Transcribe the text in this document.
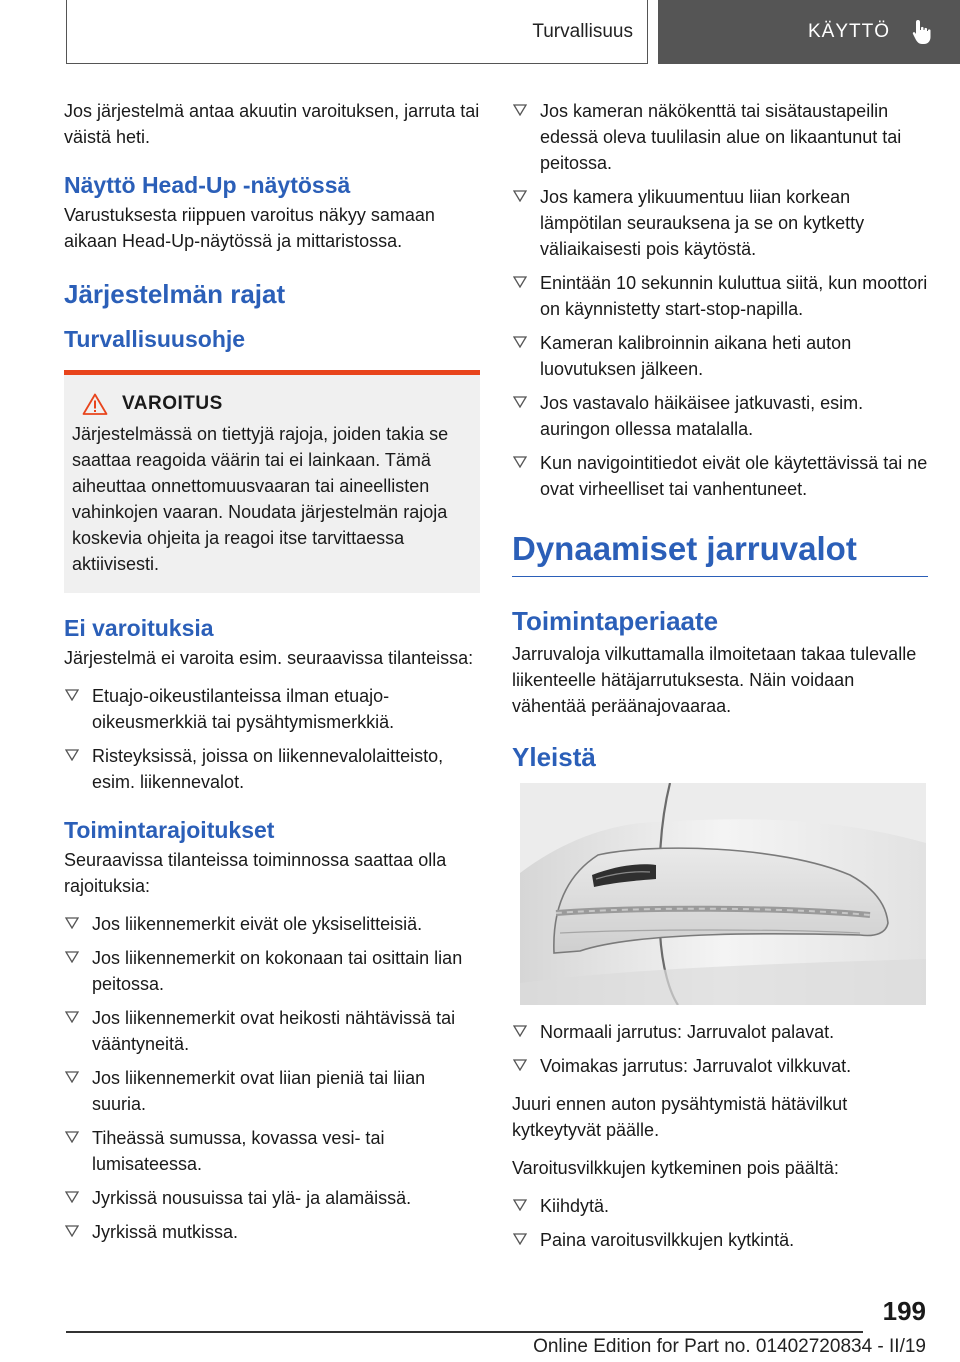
Turvallisuus	KÄYTTÖ

Jos järjestelmä antaa akuutin varoituksen, jarruta tai väistä heti.

Näyttö Head-Up -näytössä

Varustuksesta riippuen varoitus näkyy samaan aikaan Head-Up-näytössä ja mittaristossa.

Järjestelmän rajat
Turvallisuusohje
VAROITUS

Järjestelmässä on tiettyjä rajoja, joiden takia se saattaa reagoida väärin tai ei lainkaan. Tämä aiheuttaa onnettomuusvaaran tai aineellisten vahinkojen vaaran. Noudata järjestelmän rajoja koskevia ohjeita ja reagoi itse tarvittaessa aktiivisesti.

Ei varoituksia

Järjestelmä ei varoita esim. seuraavissa tilanteissa:

Etuajo-oikeustilanteissa ilman etuajo-oikeusmerkkiä tai pysähtymismerkkiä.
Risteyksissä, joissa on liikennevalolaitteisto, esim. liikennevalot.
Toimintarajoitukset

Seuraavissa tilanteissa toiminnossa saattaa olla rajoituksia:

Jos liikennemerkit eivät ole yksiselitteisiä.
Jos liikennemerkit on kokonaan tai osittain lian peitossa.
Jos liikennemerkit ovat heikosti nähtävissä tai vääntyneitä.
Jos liikennemerkit ovat liian pieniä tai liian suuria.
Tiheässä sumussa, kovassa vesi- tai lumisateessa.
Jyrkissä nousuissa tai ylä- ja alamäissä.
Jyrkissä mutkissa.
Jos kameran näkökenttä tai sisätaustapeilin edessä oleva tuulilasin alue on likaantunut tai peitossa.
Jos kamera ylikuumentuu liian korkean lämpötilan seurauksena ja se on kytketty väliaikaisesti pois käytöstä.
Enintään 10 sekunnin kuluttua siitä, kun moottori on käynnistetty start-stop-napilla.
Kameran kalibroinnin aikana heti auton luovutuksen jälkeen.
Jos vastavalo häikäisee jatkuvasti, esim. auringon ollessa matalalla.
Kun navigointitiedot eivät ole käytettävissä tai ne ovat virheelliset tai vanhentuneet.
Dynaamiset jarruvalot
Toimintaperiaate

Jarruvaloja vilkuttamalla ilmoitetaan takaa tulevalle liikenteelle hätäjarrutuksesta. Näin voidaan vähentää peräänajovaaraa.

Yleistä
Normaali jarrutus: Jarruvalot palavat.
Voimakas jarrutus: Jarruvalot vilkkuvat.

Juuri ennen auton pysähtymistä hätävilkut kytkeytyvät päälle.

Varoitusvilkkujen kytkeminen pois päältä:

Kiihdytä.
Paina varoitusvilkkujen kytkintä.
199
Online Edition for Part no. 01402720834 - II/19
